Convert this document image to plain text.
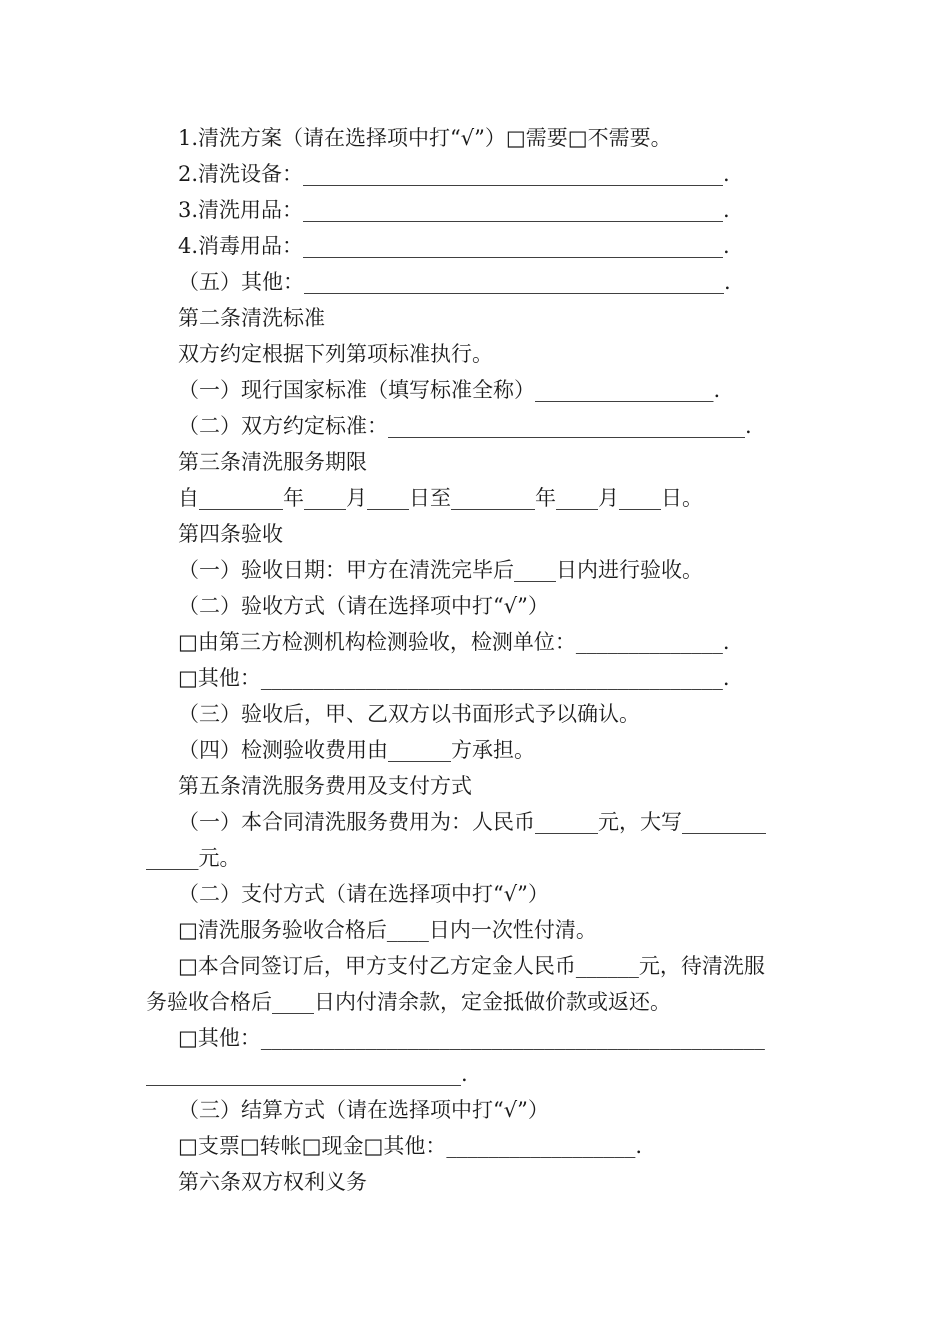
1.清洗方案（请在选择项中打“√”）□需要□不需要。
2.清洗设备：________________________________________.
3.清洗用品：________________________________________.
4.消毒用品：________________________________________.
（五）其他：________________________________________.
第二条清洗标准
双方约定根据下列第项标准执行。
（一）现行国家标准（填写标准全称）_________________.
（二）双方约定标准：__________________________________.
第三条清洗服务期限
自________年____月____日至________年____月____日。
第四条验收
（一）验收日期：甲方在清洗完毕后____日内进行验收。
（二）验收方式（请在选择项中打“√”）
□由第三方检测机构检测验收，检测单位：______________.
□其他：____________________________________________.
（三）验收后，甲、乙双方以书面形式予以确认。
（四）检测验收费用由______方承担。
第五条清洗服务费用及支付方式
（一）本合同清洗服务费用为：人民币______元，大写________
_____元。
（二）支付方式（请在选择项中打“√”）
□清洗服务验收合格后____日内一次性付清。
□本合同签订后，甲方支付乙方定金人民币______元，待清洗服
务验收合格后____日内付清余款，定金抵做价款或返还。
□其他：________________________________________________
______________________________.
（三）结算方式（请在选择项中打“√”）
□支票□转帐□现金□其他：__________________.
第六条双方权利义务
